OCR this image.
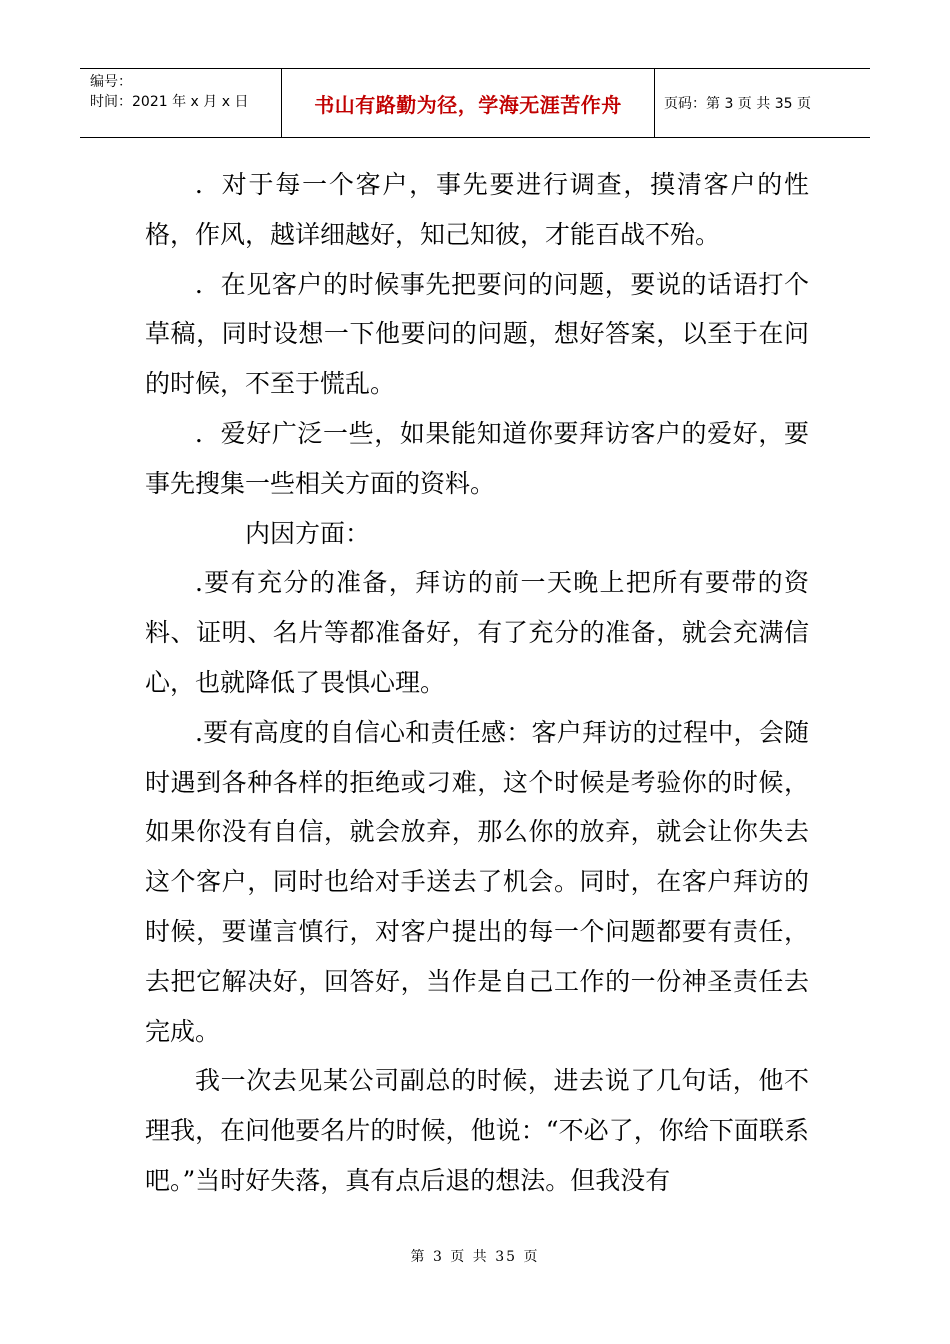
编号：
时间：2021 年 x 月 x 日	书山有路勤为径，学海无涯苦作舟	页码：第 3 页 共 35 页

．对于每一个客户，事先要进行调查，摸清客户的性格，作风，越详细越好，知己知彼，才能百战不殆。

．在见客户的时候事先把要问的问题，要说的话语打个草稿，同时设想一下他要问的问题，想好答案，以至于在问的时候，不至于慌乱。

．爱好广泛一些，如果能知道你要拜访客户的爱好，要事先搜集一些相关方面的资料。

内因方面：

.要有充分的准备，拜访的前一天晚上把所有要带的资料、证明、名片等都准备好，有了充分的准备，就会充满信心，也就降低了畏惧心理。

.要有高度的自信心和责任感：客户拜访的过程中，会随时遇到各种各样的拒绝或刁难，这个时候是考验你的时候，如果你没有自信，就会放弃，那么你的放弃，就会让你失去这个客户，同时也给对手送去了机会。同时，在客户拜访的时候，要谨言慎行，对客户提出的每一个问题都要有责任，去把它解决好，回答好，当作是自己工作的一份神圣责任去完成。

我一次去见某公司副总的时候，进去说了几句话，他不理我，在问他要名片的时候，他说：“不必了，你给下面联系吧。”当时好失落，真有点后退的想法。但我没有

第 3 页 共 35 页
